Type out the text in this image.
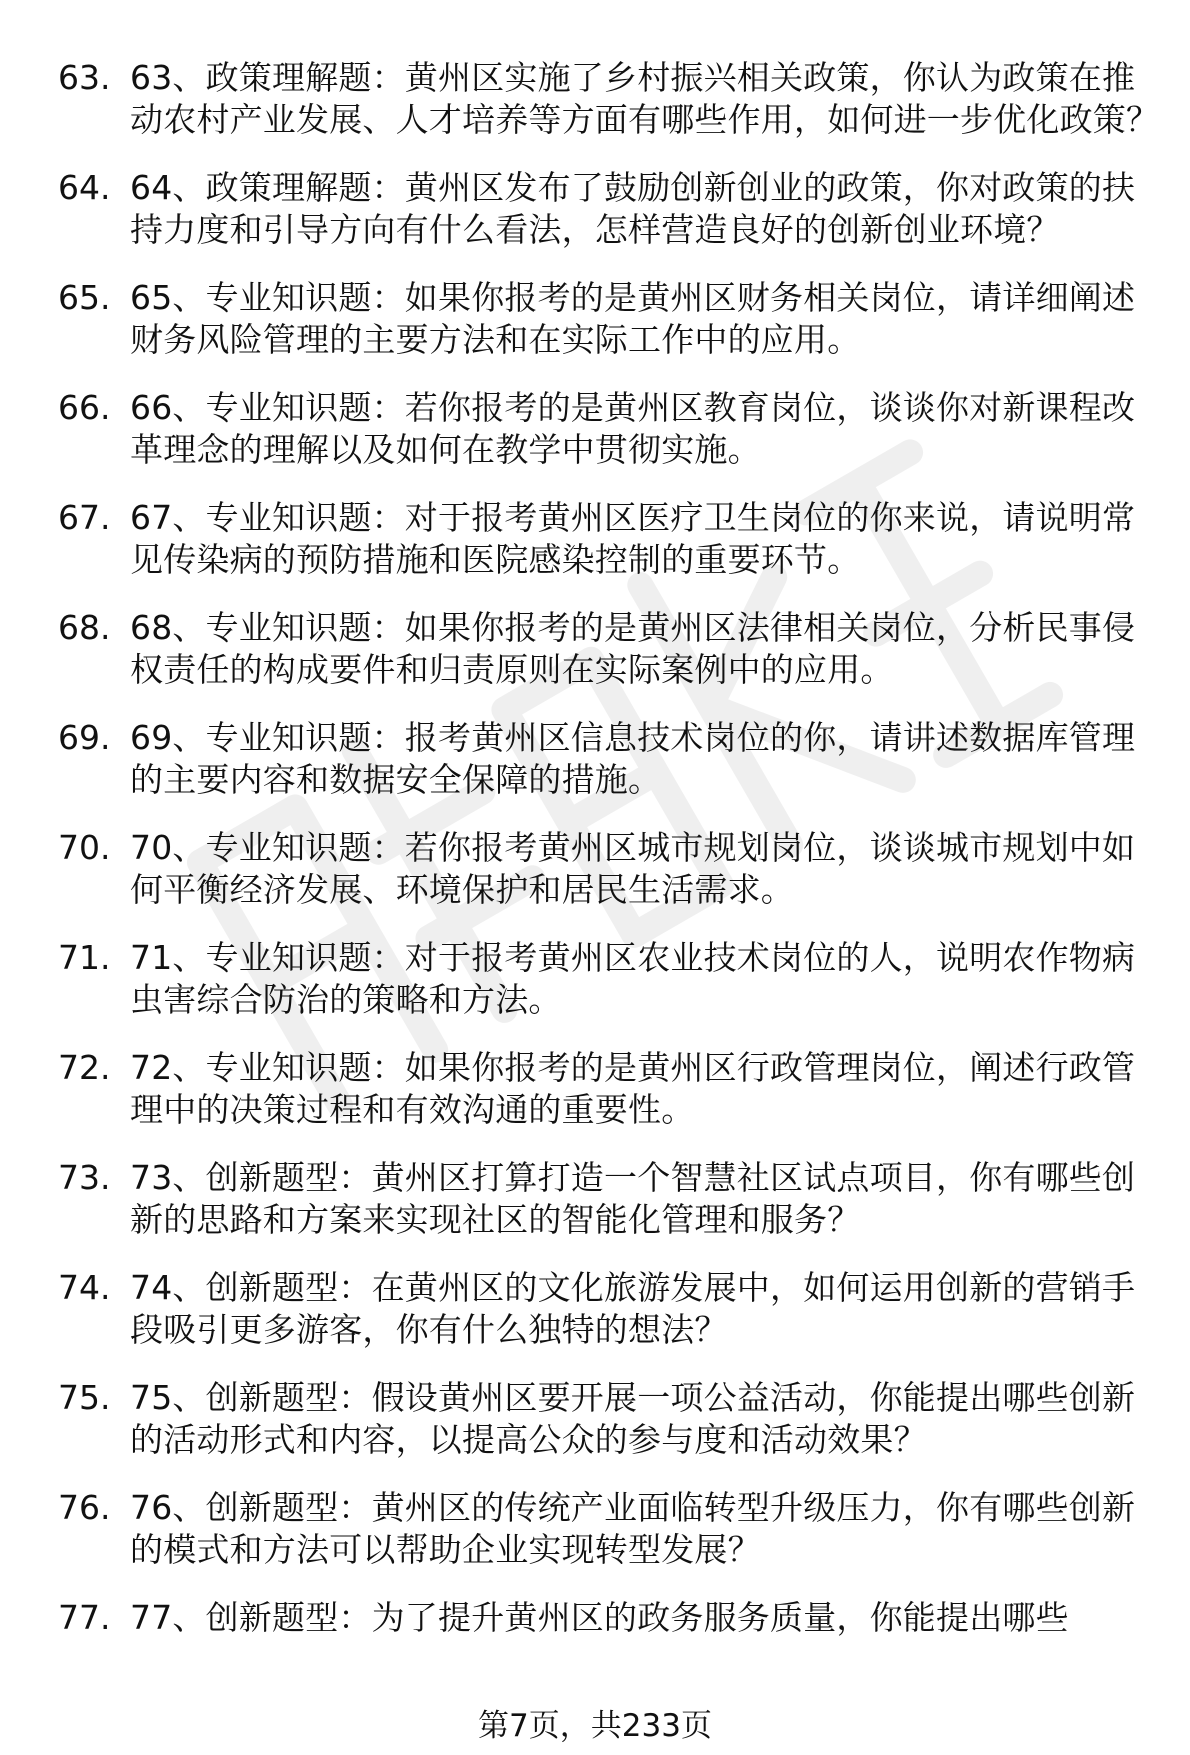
63. 63、政策理解题：黄州区实施了乡村振兴相关政策，你认为政策在推动农村产业发展、人才培养等方面有哪些作用，如何进一步优化政策？
64. 64、政策理解题：黄州区发布了鼓励创新创业的政策，你对政策的扶持力度和引导方向有什么看法，怎样营造良好的创新创业环境？
65. 65、专业知识题：如果你报考的是黄州区财务相关岗位，请详细阐述财务风险管理的主要方法和在实际工作中的应用。
66. 66、专业知识题：若你报考的是黄州区教育岗位，谈谈你对新课程改革理念的理解以及如何在教学中贯彻实施。
67. 67、专业知识题：对于报考黄州区医疗卫生岗位的你来说，请说明常见传染病的预防措施和医院感染控制的重要环节。
68. 68、专业知识题：如果你报考的是黄州区法律相关岗位，分析民事侵权责任的构成要件和归责原则在实际案例中的应用。
69. 69、专业知识题：报考黄州区信息技术岗位的你，请讲述数据库管理的主要内容和数据安全保障的措施。
70. 70、专业知识题：若你报考黄州区城市规划岗位，谈谈城市规划中如何平衡经济发展、环境保护和居民生活需求。
71. 71、专业知识题：对于报考黄州区农业技术岗位的人，说明农作物病虫害综合防治的策略和方法。
72. 72、专业知识题：如果你报考的是黄州区行政管理岗位，阐述行政管理中的决策过程和有效沟通的重要性。
73. 73、创新题型：黄州区打算打造一个智慧社区试点项目，你有哪些创新的思路和方案来实现社区的智能化管理和服务？
74. 74、创新题型：在黄州区的文化旅游发展中，如何运用创新的营销手段吸引更多游客，你有什么独特的想法？
75. 75、创新题型：假设黄州区要开展一项公益活动，你能提出哪些创新的活动形式和内容，以提高公众的参与度和活动效果？
76. 76、创新题型：黄州区的传统产业面临转型升级压力，你有哪些创新的模式和方法可以帮助企业实现转型发展？
77. 77、创新题型：为了提升黄州区的政务服务质量，你能提出哪些
第7页，共233页
